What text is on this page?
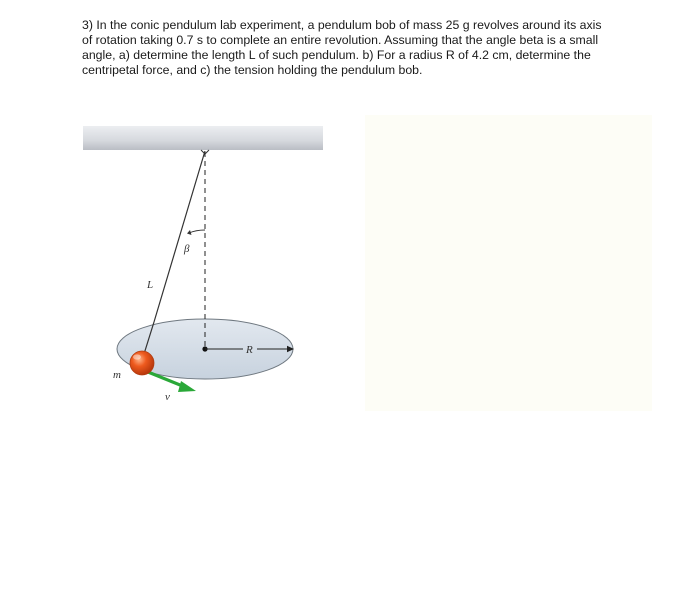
3) In the conic pendulum lab experiment, a pendulum bob of mass 25 g revolves around its axis
of rotation taking 0.7 s to complete an entire revolution. Assuming that the angle beta is a small
angle, a) determine the length L of such pendulum. b) For a radius R of 4.2 cm, determine the
centripetal force, and c) the tension holding the pendulum bob.

β
L
R
v
m
